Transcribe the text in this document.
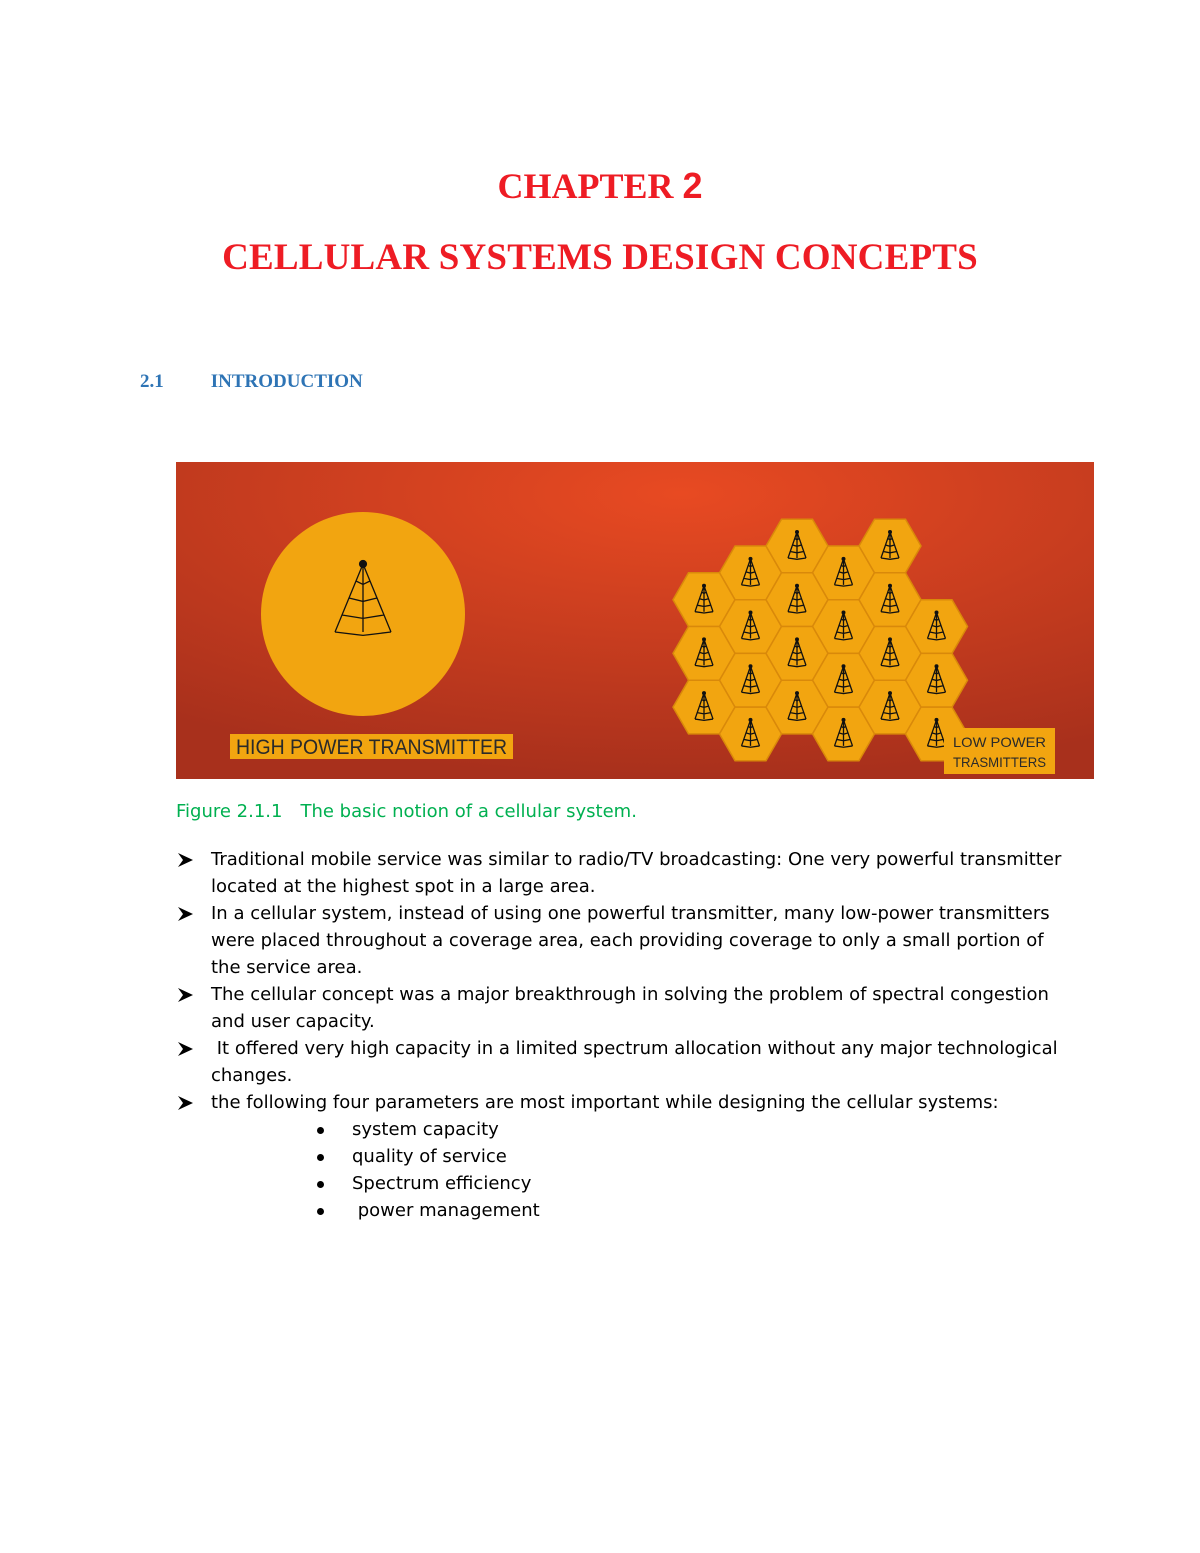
CHAPTER 2
CELLULAR SYSTEMS DESIGN CONCEPTS
2.1 INTRODUCTION
HIGH POWER TRANSMITTER	LOW POWER
TRASMITTERS
Figure 2.1.1 The basic notion of a cellular system.
Traditional mobile service was similar to radio/TV broadcasting: One very powerful transmitter located at the highest spot in a large area.
In a cellular system, instead of using one powerful transmitter, many low-power transmitters were placed throughout a coverage area, each providing coverage to only a small portion of the service area.
The cellular concept was a major breakthrough in solving the problem of spectral congestion and user capacity.
It offered very high capacity in a limited spectrum allocation without any major technological changes.
the following four parameters are most important while designing the cellular systems:
system capacity
quality of service
Spectrum efficiency
power management
